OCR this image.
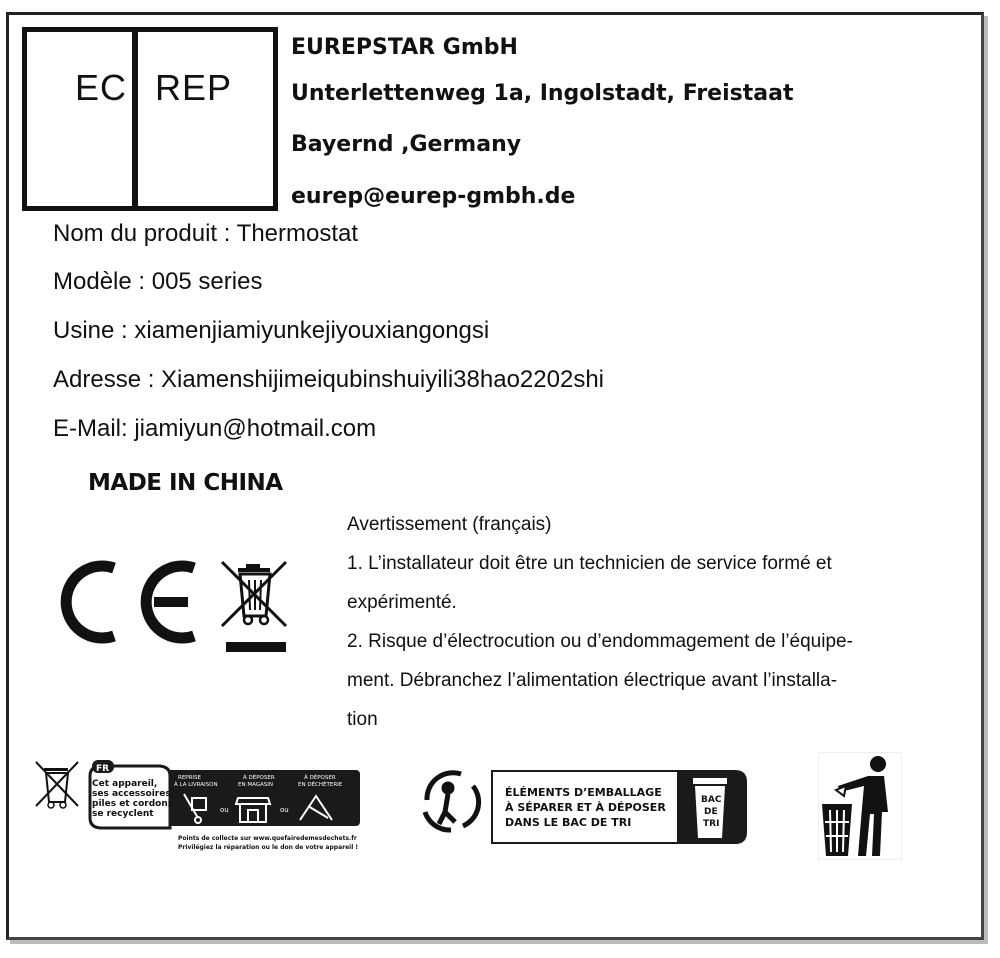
EC REP
EUREPSTAR GmbH
Unterlettenweg 1a, Ingolstadt, Freistaat
Bayernd ,Germany
eurep@eurep-gmbh.de
Nom du produit : Thermostat
Modèle : 005 series
Usine : xiamenjiamiyunkejiyouxiangongsi
Adresse : Xiamenshijimeiqubinshuiyili38hao2202shi
E-Mail: jiamiyun@hotmail.com
MADE IN CHINA
Avertissement (français)
1. L’installateur doit être un technicien de service formé et
expérimenté.
2. Risque d’électrocution ou d’endommagement de l’équipe-
ment. Débranchez l’alimentation électrique avant l’installa-
tion
FR
Cet appareil,
ses accessoires,
piles et cordons
se recyclent
REPRISE
À LA LIVRAISON
À DÉPOSER
EN MAGASIN
À DÉPOSER
EN DÉCHÈTERIE
ou	ou
Points de collecte sur www.quefairedemesdechets.fr
Privilégiez la réparation ou le don de votre appareil !
ÉLÉMENTS D’EMBALLAGE
À SÉPARER ET À DÉPOSER
DANS LE BAC DE TRI
BAC
DE
TRI
